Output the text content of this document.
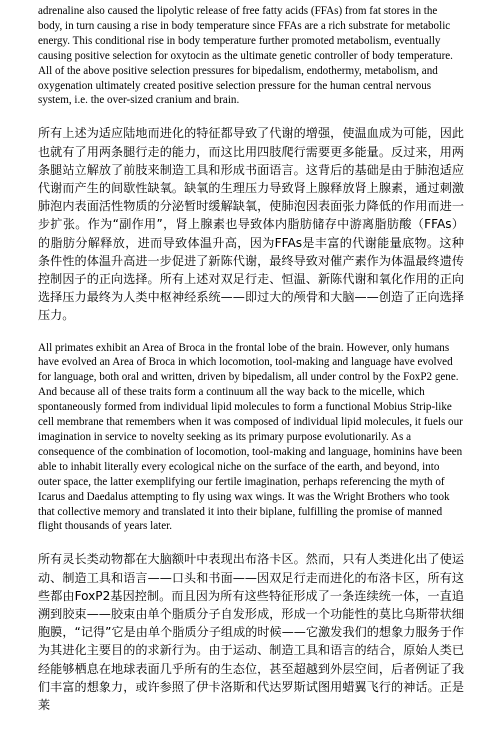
adrenaline also caused the lipolytic release of free fatty acids (FFAs) from fat stores in the body, in turn causing a rise in body temperature since FFAs are a rich substrate for metabolic energy. This conditional rise in body temperature further promoted metabolism, eventually causing positive selection for oxytocin as the ultimate genetic controller of body temperature. All of the above positive selection pressures for bipedalism, endothermy, metabolism, and oxygenation ultimately created positive selection pressure for the human central nervous system, i.e. the over-sized cranium and brain.

所有上述为适应陆地而进化的特征都导致了代谢的增强，使温血成为可能，因此也就有了用两条腿行走的能力，而这比用四肢爬行需要更多能量。反过来，用两条腿站立解放了前肢来制造工具和形成书面语言。这背后的基础是由于肺泡适应代谢而产生的间歇性缺氧。缺氧的生理压力导致肾上腺释放肾上腺素，通过刺激肺泡内表面活性物质的分泌暂时缓解缺氧，使肺泡因表面张力降低的作用而进一步扩张。作为“副作用”，肾上腺素也导致体内脂肪储存中游离脂肪酸（FFAs）的脂肪分解释放，进而导致体温升高，因为FFAs是丰富的代谢能量底物。这种条件性的体温升高进一步促进了新陈代谢，最终导致对催产素作为体温最终遗传控制因子的正向选择。所有上述对双足行走、恒温、新陈代谢和氧化作用的正向选择压力最终为人类中枢神经系统——即过大的颅骨和大脑——创造了正向选择压力。

All primates exhibit an Area of Broca in the frontal lobe of the brain. However, only humans have evolved an Area of Broca in which locomotion, tool-making and language have evolved for language, both oral and written, driven by bipedalism, all under control by the FoxP2 gene. And because all of these traits form a continuum all the way back to the micelle, which spontaneously formed from individual lipid molecules to form a functional Mobius Strip-like cell membrane that remembers when it was composed of individual lipid molecules, it fuels our imagination in service to novelty seeking as its primary purpose evolutionarily. As a consequence of the combination of locomotion, tool-making and language, hominins have been able to inhabit literally every ecological niche on the surface of the earth, and beyond, into outer space, the latter exemplifying our fertile imagination, perhaps referencing the myth of Icarus and Daedalus attempting to fly using wax wings. It was the Wright Brothers who took that collective memory and translated it into their biplane, fulfilling the promise of manned flight thousands of years later.

所有灵长类动物都在大脑额叶中表现出布洛卡区。然而，只有人类进化出了使运动、制造工具和语言——口头和书面——因双足行走而进化的布洛卡区，所有这些都由FoxP2基因控制。而且因为所有这些特征形成了一条连续统一体，一直追溯到胶束——胶束由单个脂质分子自发形成，形成一个功能性的莫比乌斯带状细胞膜，“记得”它是由单个脂质分子组成的时候——它激发我们的想象力服务于作为其进化主要目的的求新行为。由于运动、制造工具和语言的结合，原始人类已经能够栖息在地球表面几乎所有的生态位，甚至超越到外层空间，后者例证了我们丰富的想象力，或许参照了伊卡洛斯和代达罗斯试图用蜡翼飞行的神话。正是莱
